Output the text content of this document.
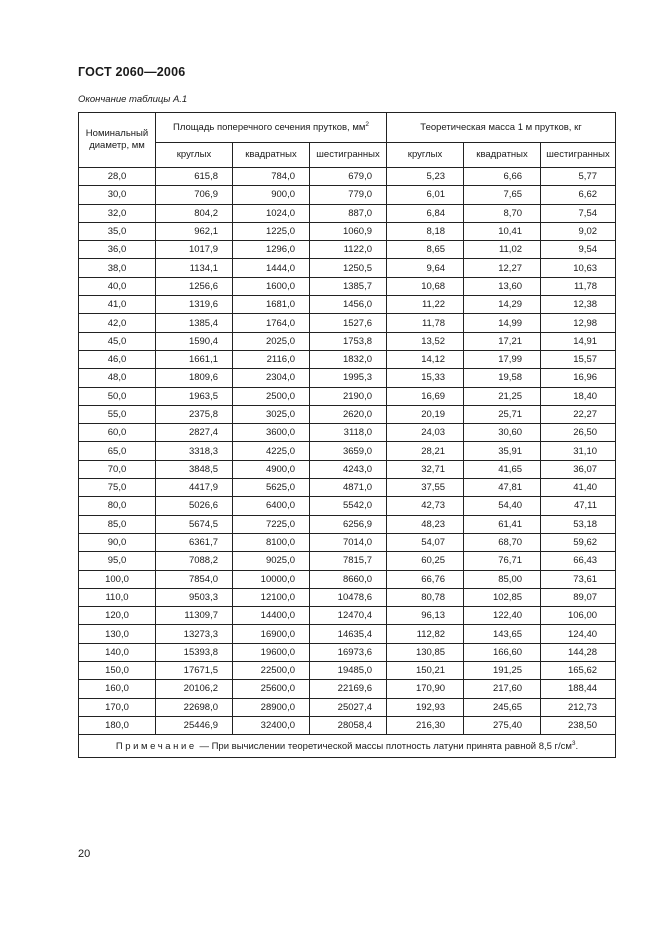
ГОСТ 2060—2006
Окончание таблицы А.1
Номинальный диаметр, мм	Площадь поперечного сечения прутков, $мм^2$			Теоретическая масса 1 м прутков, кг		
	круглых	квадратных	шестигранных	круглых	квадратных	шестигранных
28,0	615,8	784,0	679,0	5,23	6,66	5,77
30,0	706,9	900,0	779,0	6,01	7,65	6,62
32,0	804,2	1024,0	887,0	6,84	8,70	7,54
35,0	962,1	1225,0	1060,9	8,18	10,41	9,02
36,0	1017,9	1296,0	1122,0	8,65	11,02	9,54
38,0	1134,1	1444,0	1250,5	9,64	12,27	10,63
40,0	1256,6	1600,0	1385,7	10,68	13,60	11,78
41,0	1319,6	1681,0	1456,0	11,22	14,29	12,38
42,0	1385,4	1764,0	1527,6	11,78	14,99	12,98
45,0	1590,4	2025,0	1753,8	13,52	17,21	14,91
46,0	1661,1	2116,0	1832,0	14,12	17,99	15,57
48,0	1809,6	2304,0	1995,3	15,33	19,58	16,96
50,0	1963,5	2500,0	2190,0	16,69	21,25	18,40
55,0	2375,8	3025,0	2620,0	20,19	25,71	22,27
60,0	2827,4	3600,0	3118,0	24,03	30,60	26,50
65,0	3318,3	4225,0	3659,0	28,21	35,91	31,10
70,0	3848,5	4900,0	4243,0	32,71	41,65	36,07
75,0	4417,9	5625,0	4871,0	37,55	47,81	41,40
80,0	5026,6	6400,0	5542,0	42,73	54,40	47,11
85,0	5674,5	7225,0	6256,9	48,23	61,41	53,18
90,0	6361,7	8100,0	7014,0	54,07	68,70	59,62
95,0	7088,2	9025,0	7815,7	60,25	76,71	66,43
100,0	7854,0	10000,0	8660,0	66,76	85,00	73,61
110,0	9503,3	12100,0	10478,6	80,78	102,85	89,07
120,0	11309,7	14400,0	12470,4	96,13	122,40	106,00
130,0	13273,3	16900,0	14635,4	112,82	143,65	124,40
140,0	15393,8	19600,0	16973,6	130,85	166,60	144,28
150,0	17671,5	22500,0	19485,0	150,21	191,25	165,62
160,0	20106,2	25600,0	22169,6	170,90	217,60	188,44
170,0	22698,0	28900,0	25027,4	192,93	245,65	212,73
180,0	25446,9	32400,0	28058,4	216,30	275,40	238,50
Примечание — При вычислении теоретической массы плотность латуни принята равной 8,5 $г/см^3$.						
20
